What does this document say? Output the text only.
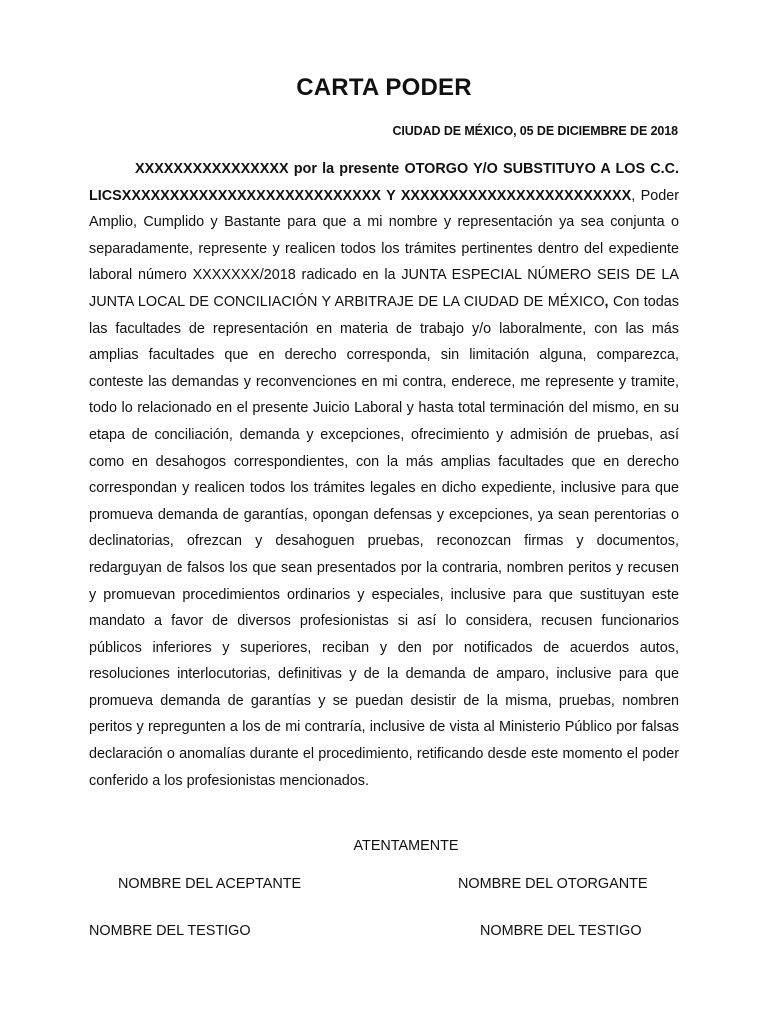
CARTA PODER
CIUDAD DE MÉXICO, 05 DE DICIEMBRE DE 2018
XXXXXXXXXXXXXXXX por la presente OTORGO Y/O SUBSTITUYO A LOS C.C. LICSXXXXXXXXXXXXXXXXXXXXXXXXXXX Y XXXXXXXXXXXXXXXXXXXXXXXX, Poder Amplio, Cumplido y Bastante para que a mi nombre y representación ya sea conjunta o separadamente, represente y realicen todos los trámites pertinentes dentro del expediente laboral número XXXXXXX/2018 radicado en la JUNTA ESPECIAL NÚMERO SEIS DE LA JUNTA LOCAL DE CONCILIACIÓN Y ARBITRAJE DE LA CIUDAD DE MÉXICO, Con todas las facultades de representación en materia de trabajo y/o laboralmente, con las más amplias facultades que en derecho corresponda, sin limitación alguna, comparezca, conteste las demandas y reconvenciones en mi contra, enderece, me represente y tramite, todo lo relacionado en el presente Juicio Laboral y hasta total terminación del mismo, en su etapa de conciliación, demanda y excepciones, ofrecimiento y admisión de pruebas, así como en desahogos correspondientes, con la más amplias facultades que en derecho correspondan y realicen todos los trámites legales en dicho expediente, inclusive para que promueva demanda de garantías, opongan defensas y excepciones, ya sean perentorias o declinatorias, ofrezcan y desahoguen pruebas, reconozcan firmas y documentos, redarguyan de falsos los que sean presentados por la contraria, nombren peritos y recusen y promuevan procedimientos ordinarios y especiales, inclusive para que sustituyan este mandato a favor de diversos profesionistas si así lo considera, recusen funcionarios públicos inferiores y superiores, reciban y den por notificados de acuerdos autos, resoluciones interlocutorias, definitivas y de la demanda de amparo, inclusive para que promueva demanda de garantías y se puedan desistir de la misma, pruebas, nombren peritos y repregunten a los de mi contraría, inclusive de vista al Ministerio Público por falsas declaración o anomalías durante el procedimiento, retificando desde este momento el poder conferido a los profesionistas mencionados.
ATENTAMENTE
NOMBRE DEL ACEPTANTE	NOMBRE DEL OTORGANTE
NOMBRE DEL TESTIGO	NOMBRE DEL TESTIGO
